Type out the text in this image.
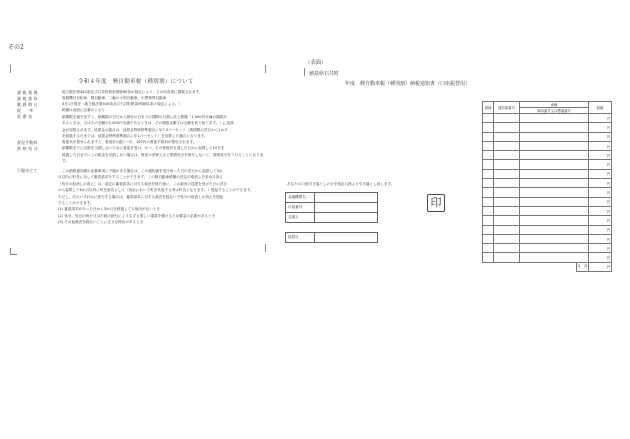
その2
令和４年度　軽自動車税（種別割）について
課 税 根 拠	地方税法第443条及び石井町税条例第80条の規定により、その所有者に課税されます。
課 税 客 体	原動機付自転車、軽自動車、二輪の小型自動車、小型特殊自動車
賦 課 期 日	4月1日現在（地方税法第445条及び石井町税条例第81条の規定による。）
税　　率	税額は表面に記載のとおり
延 滞 金	納期限を過ぎますと、納期限の翌日から納付の日までの期間の日数に応じ税額（1,000円未満の端数が
あるときは、又はその全額が2,000円未満であるときは、その端数金額又は全額を切り捨てます。）に延滞
金が加算されます。延滞金の割合は、延滞金特例基準割合に年7.3パーセント（納期限の翌日から1か月
を経過する日までは、延滞金特例基準割合に年1パーセント）を加算した割合となります。
督促手数料	督促状が発せられますと、督促状1通につき、100円の督促手数料が徴収されます。
滞 納 処 分	納期限までに完納を示期しないために督促を受け、かつ、その督促状を発した日から起算して10日を
経過した日までにこの税金を完納しない場合は、財産の差押えなど滞納処分を執行しないと、滞納処分をうけることになりま
す。
不服申立て	この納税通知書の記載事項に不服がある場合は、この通知書を受け取った日の翌日から起算して3か
月以内に町長に対して審査請求をすることができます。この軽自動車税額の決定の取消しを求める訴え
（処分の取消しの訴え）は、前記の審査請求に対する裁決を経た後に、この裁決の送達を受けた日の翌日
から起算して6か月以内に町を被告として（訴訟において町を代表する者は町長となります。）提起することができます。
ただし、次のいずれかに該当する場合は、審査請求に対する裁決を経ないで処分の取消しの訴えを提起
することができます。
(1) 審査請求があった日から3か月を経過しても裁決がないとき
(2) 処分、処分の執行又は手続の続行により生ずる著しい損害を避けるため緊急の必要があるとき
(3) その他裁決を経ないことに正当な理由があるとき
（表面）
徳島県石井町
年度　軽自動車税（種別割）納税通知書（口座振替用）
あなたの口座引き落としの分を指定口座より引き落とし致します。
金融機関名	
口座番号	
名義人	

振替日	
印
課期	通知書番号	車種		税額
		車両番号又は標識番号		
				円
				円
				円
				円
				円
				円
				円
				円
				円
				円
				円
				円
				円
				円
				円
				円
			合　計	円
